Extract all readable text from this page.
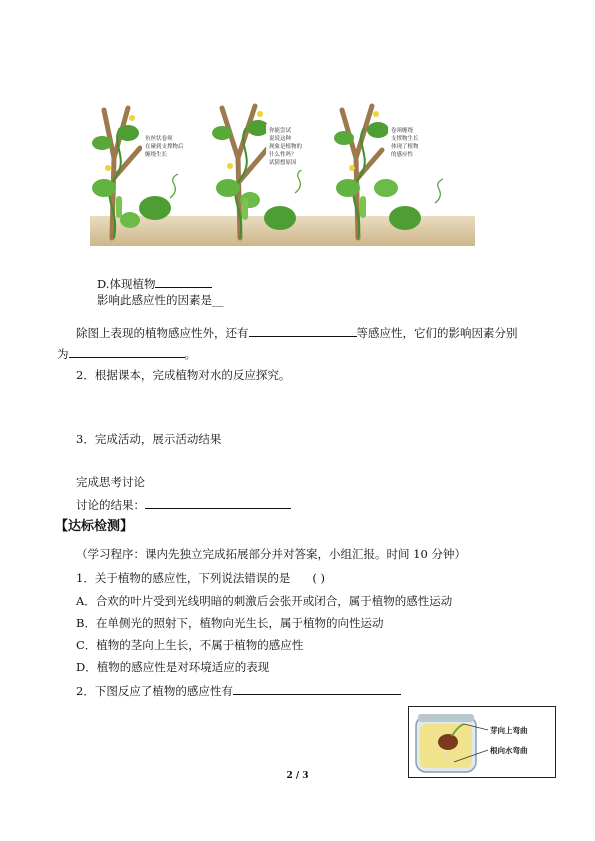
鱼丝状卷须 在碰到支撑物后 缠绕生长
你能尝试 说说这种 现象是植物的 什么性吗？ 试猜想原因
卷须缠绕 支撑物生长 体现了植物 的感应性
D.体现植物
影响此感应性的因素是__
除图上表现的植物感应性外，还有	等感应性，它们的影响因素分别
为	。
2．根据课本，完成植物对水的反应探究。
3．完成活动，展示活动结果
完成思考讨论
讨论的结果：
【达标检测】
（学习程序：课内先独立完成拓展部分并对答案，小组汇报。时间 10 分钟）
1．关于植物的感应性，下列说法错误的是 ( )
A．合欢的叶片受到光线明暗的刺激后会张开或闭合，属于植物的感性运动
B．在单侧光的照射下，植物向光生长，属于植物的向性运动
C．植物的茎向上生长，不属于植物的感应性
D．植物的感应性是对环境适应的表现
2．下图反应了植物的感应性有
芽向上弯曲
根向水弯曲
2 / 3
